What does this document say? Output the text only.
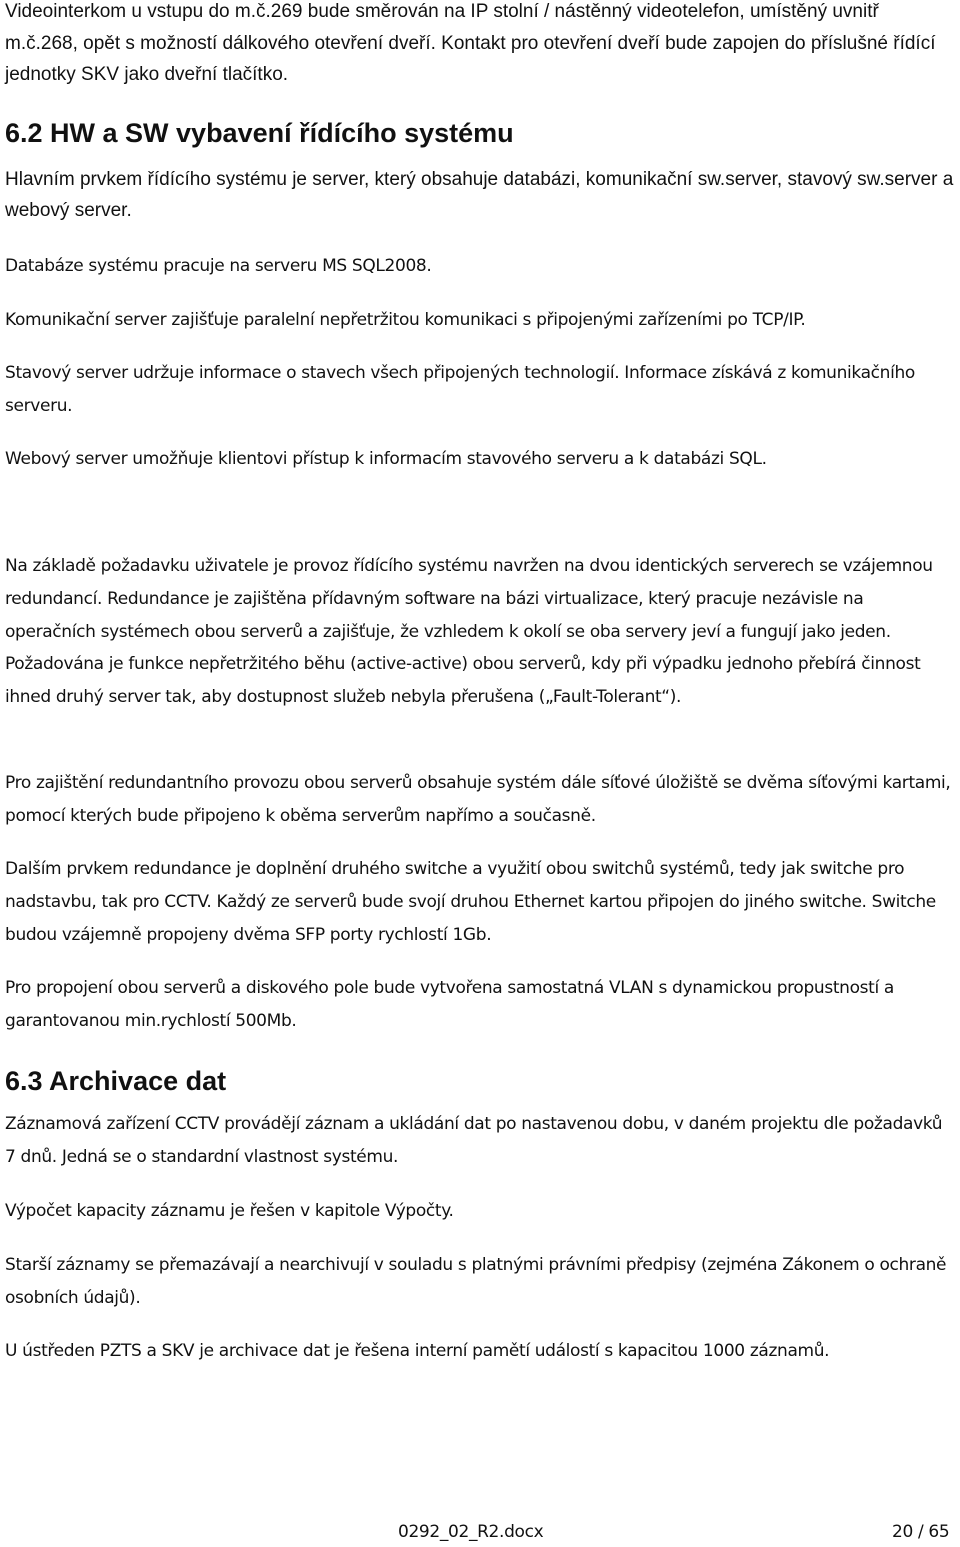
Videointerkom u vstupu do m.č.269 bude směrován na IP stolní / nástěnný videotelefon, umístěný uvnitř m.č.268, opět s možností dálkového otevření dveří. Kontakt pro otevření dveří bude zapojen do příslušné řídící jednotky SKV jako dveřní tlačítko.

6.2 HW a SW vybavení řídícího systému

Hlavním prvkem řídícího systému je server, který obsahuje databázi, komunikační sw.server, stavový sw.server a webový server.

Databáze systému pracuje na serveru MS SQL2008.

Komunikační server zajišťuje paralelní nepřetržitou komunikaci s připojenými zařízeními po TCP/IP.

Stavový server udržuje informace o stavech všech připojených technologií. Informace získává z komunikačního serveru.

Webový server umožňuje klientovi přístup k informacím stavového serveru a k databázi SQL.

Na základě požadavku uživatele je provoz řídícího systému navržen na dvou identických serverech se vzájemnou redundancí. Redundance je zajištěna přídavným software na bázi virtualizace, který pracuje nezávisle na operačních systémech obou serverů a zajišťuje, že vzhledem k okolí se oba servery jeví a fungují jako jeden. Požadována je funkce nepřetržitého běhu (active-active) obou serverů, kdy při výpadku jednoho přebírá činnost ihned druhý server tak, aby dostupnost služeb nebyla přerušena („Fault-Tolerant“).

Pro zajištění redundantního provozu obou serverů obsahuje systém dále síťové úložiště se dvěma síťovými kartami, pomocí kterých bude připojeno k oběma serverům napřímo a současně.

Dalším prvkem redundance je doplnění druhého switche a využití obou switchů systémů, tedy jak switche pro nadstavbu, tak pro CCTV. Každý ze serverů bude svojí druhou Ethernet kartou připojen do jiného switche. Switche budou vzájemně propojeny dvěma SFP porty rychlostí 1Gb.

Pro propojení obou serverů a diskového pole bude vytvořena samostatná VLAN s dynamickou propustností a garantovanou min.rychlostí 500Mb.

6.3 Archivace dat

Záznamová zařízení CCTV provádějí záznam a ukládání dat po nastavenou dobu, v daném projektu dle požadavků 7 dnů. Jedná se o standardní vlastnost systému.

Výpočet kapacity záznamu je řešen v kapitole Výpočty.

Starší záznamy se přemazávají a nearchivují v souladu s platnými právními předpisy (zejména Zákonem o ochraně osobních údajů).

U ústředen PZTS a SKV je archivace dat je řešena interní pamětí událostí s kapacitou 1000 záznamů.

0292_02_R2.docx	20 / 65
